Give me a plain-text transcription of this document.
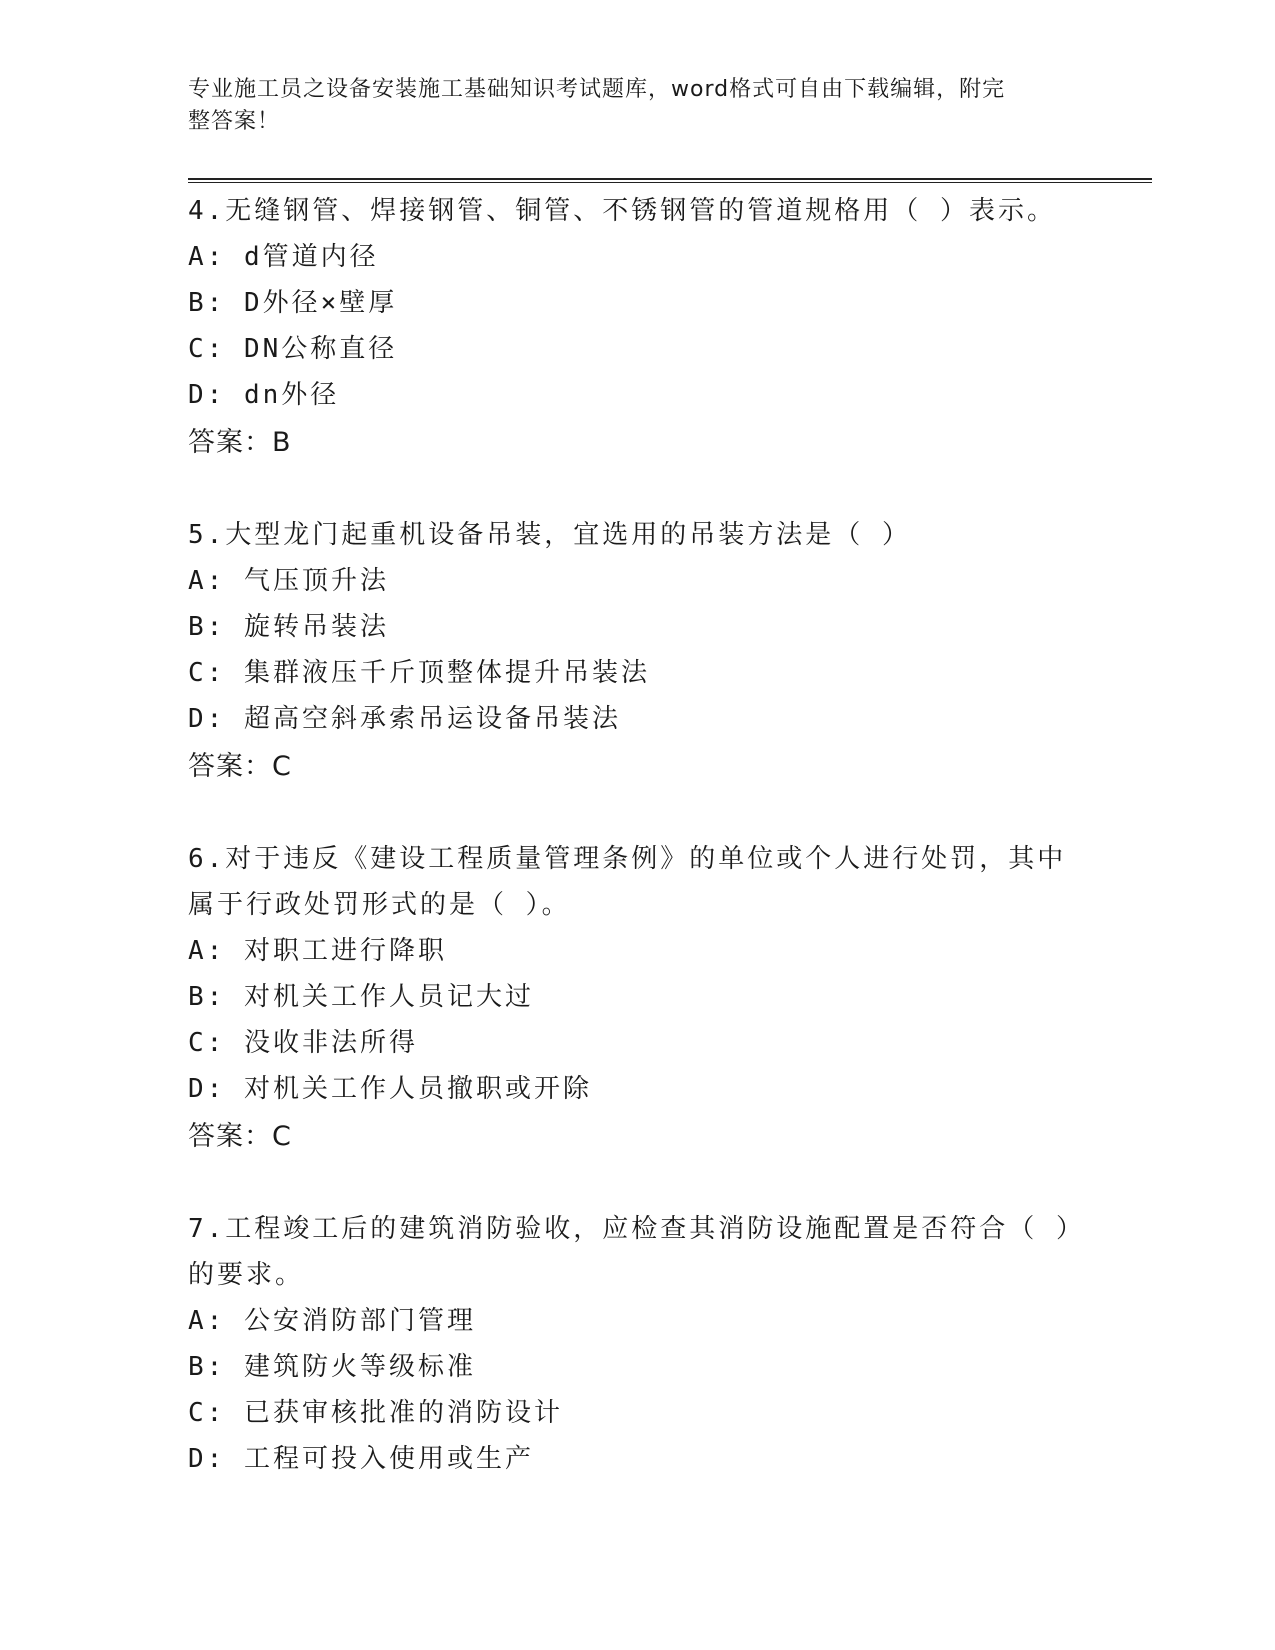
专业施工员之设备安装施工基础知识考试题库，word格式可自由下载编辑，附完
整答案！

4.无缝钢管、焊接钢管、铜管、不锈钢管的管道规格用（ ）表示。

A: d管道内径

B: D外径×壁厚

C: DN公称直径

D: dn外径

答案：B

5.大型龙门起重机设备吊装，宜选用的吊装方法是（ ）

A: 气压顶升法

B: 旋转吊装法

C: 集群液压千斤顶整体提升吊装法

D: 超高空斜承索吊运设备吊装法

答案：C

6.对于违反《建设工程质量管理条例》的单位或个人进行处罚，其中

属于行政处罚形式的是（ ）。

A: 对职工进行降职

B: 对机关工作人员记大过

C: 没收非法所得

D: 对机关工作人员撤职或开除

答案：C

7.工程竣工后的建筑消防验收，应检查其消防设施配置是否符合（ ）

的要求。

A: 公安消防部门管理

B: 建筑防火等级标准

C: 已获审核批准的消防设计

D: 工程可投入使用或生产
